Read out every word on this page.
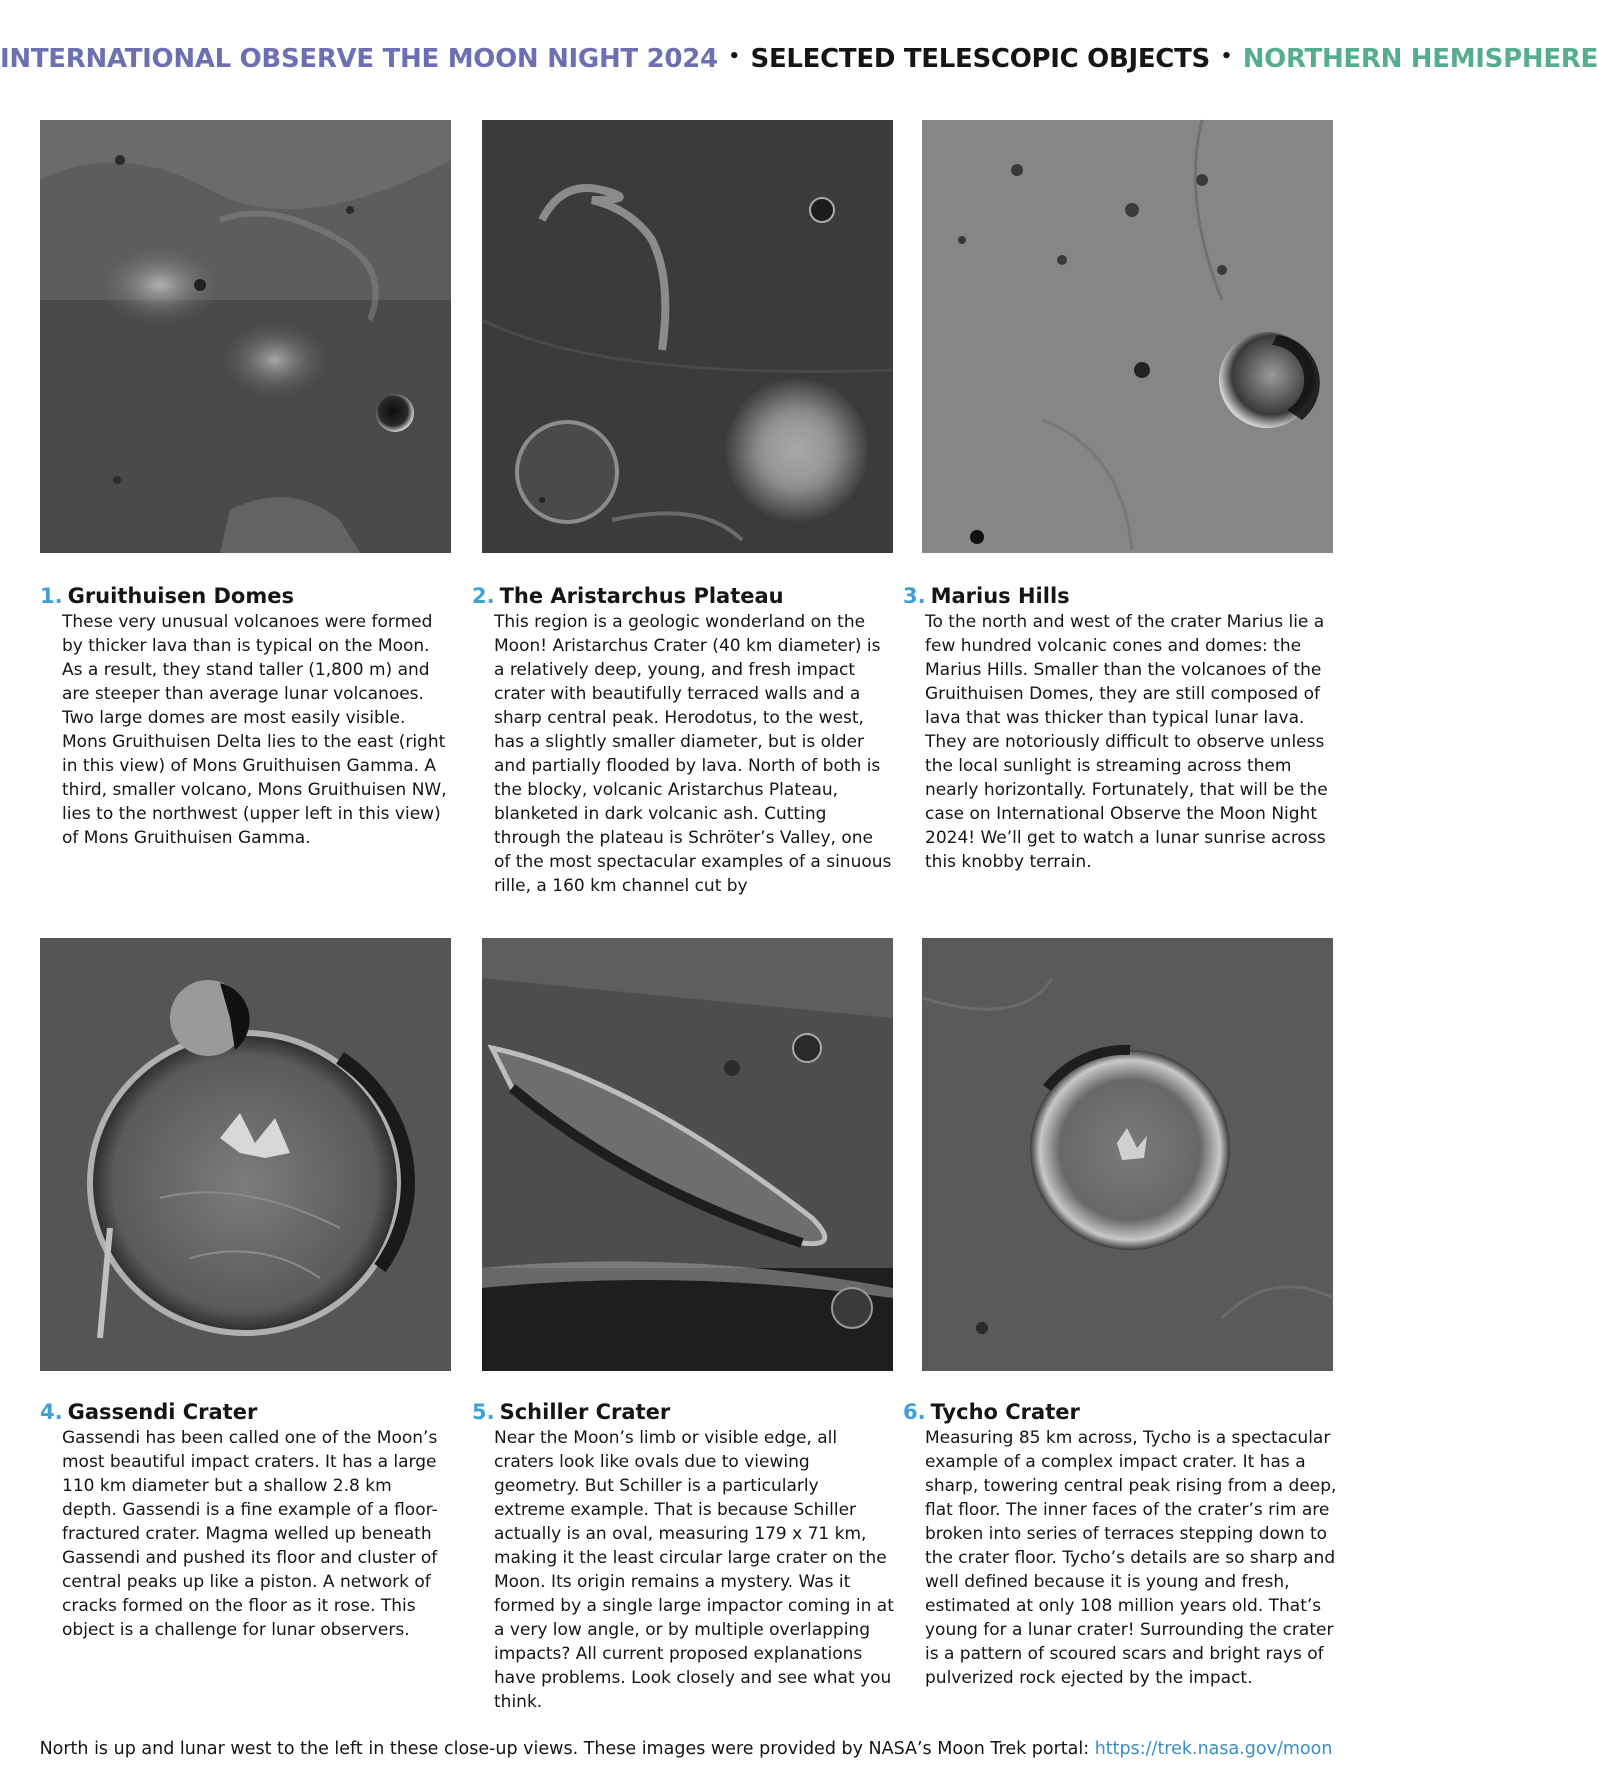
INTERNATIONAL OBSERVE THE MOON NIGHT 2024 • SELECTED TELESCOPIC OBJECTS • NORTHERN HEMISPHERE

1. Gruithuisen Domes

These very unusual volcanoes were formed by thicker lava than is typical on the Moon. As a result, they stand taller (1,800 m) and are steeper than average lunar volcanoes. Two large domes are most easily visible. Mons Gruithuisen Delta lies to the east (right in this view) of Mons Gruithuisen Gamma. A third, smaller volcano, Mons Gruithuisen NW, lies to the northwest (upper left in this view) of Mons Gruithuisen Gamma.

2. The Aristarchus Plateau

This region is a geologic wonderland on the Moon! Aristarchus Crater (40 km diameter) is a relatively deep, young, and fresh impact crater with beautifully terraced walls and a sharp central peak. Herodotus, to the west, has a slightly smaller diameter, but is older and partially flooded by lava. North of both is the blocky, volcanic Aristarchus Plateau, blanketed in dark volcanic ash. Cutting through the plateau is Schröter’s Valley, one of the most spectacular examples of a sinuous rille, a 160 km channel cut by

3. Marius Hills

To the north and west of the crater Marius lie a few hundred volcanic cones and domes: the Marius Hills. Smaller than the volcanoes of the Gruithuisen Domes, they are still composed of lava that was thicker than typical lunar lava. They are notoriously difficult to observe unless the local sunlight is streaming across them nearly horizontally. Fortunately, that will be the case on International Observe the Moon Night 2024! We’ll get to watch a lunar sunrise across this knobby terrain.

4. Gassendi Crater

Gassendi has been called one of the Moon’s most beautiful impact craters. It has a large 110 km diameter but a shallow 2.8 km depth. Gassendi is a fine example of a floor-fractured crater. Magma welled up beneath Gassendi and pushed its floor and cluster of central peaks up like a piston. A network of cracks formed on the floor as it rose. This object is a challenge for lunar observers.

5. Schiller Crater

Near the Moon’s limb or visible edge, all craters look like ovals due to viewing geometry. But Schiller is a particularly extreme example. That is because Schiller actually is an oval, measuring 179 x 71 km, making it the least circular large crater on the Moon. Its origin remains a mystery. Was it formed by a single large impactor coming in at a very low angle, or by multiple overlapping impacts? All current proposed explanations have problems. Look closely and see what you think.

6. Tycho Crater

Measuring 85 km across, Tycho is a spectacular example of a complex impact crater. It has a sharp, towering central peak rising from a deep, flat floor. The inner faces of the crater’s rim are broken into series of terraces stepping down to the crater floor. Tycho’s details are so sharp and well defined because it is young and fresh, estimated at only 108 million years old. That’s young for a lunar crater! Surrounding the crater is a pattern of scoured scars and bright rays of pulverized rock ejected by the impact.
North is up and lunar west to the left in these close-up views. These images were provided by NASA’s Moon Trek portal: https://trek.nasa.gov/moon
